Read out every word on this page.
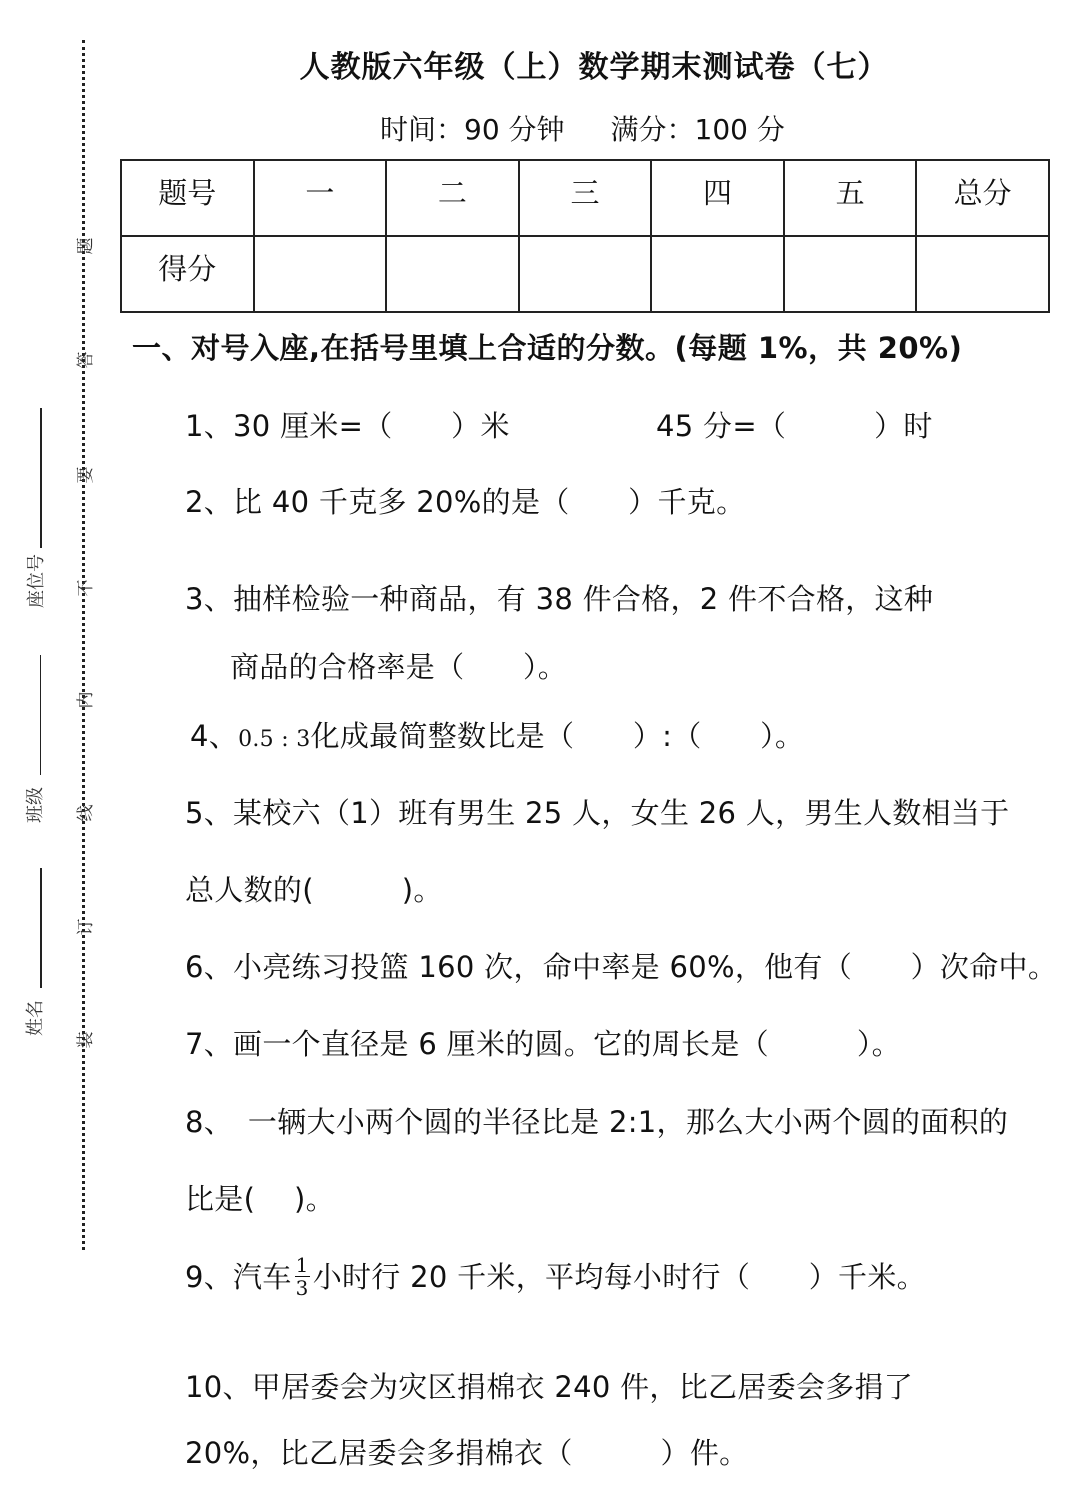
题
答
要
不
内
线
订
装
座位号
班级
姓名
人教版六年级（上）数学期末测试卷（七）
时间：90 分钟 满分：100 分
题号	一	二	三	四	五	总分
得分						
一、对号入座,在括号里填上合适的分数。(每题 1%，共 20%)
1、30 厘米=（　　）米	45 分=（　　　）时
2、比 40 千克多 20%的是（　　）千克。
3、抽样检验一种商品，有 38 件合格，2 件不合格，这种
商品的合格率是（　　）。
4、0.5 : 3化成最简整数比是（　　）:（　　）。
5、某校六（1）班有男生 25 人，女生 26 人，男生人数相当于
总人数的(　　　)。
6、小亮练习投篮 160 次，命中率是 60%，他有（　　）次命中。
7、画一个直径是 6 厘米的圆。它的周长是（　　　）。
8、　一辆大小两个圆的半径比是 2:1，那么大小两个圆的面积的
比是(　 )。
9、汽车 $\frac{1}{3}$ 小时行 20 千米，平均每小时行（　　）千米。
10、甲居委会为灾区捐棉衣 240 件，比乙居委会多捐了
20%，比乙居委会多捐棉衣（　　　）件。
